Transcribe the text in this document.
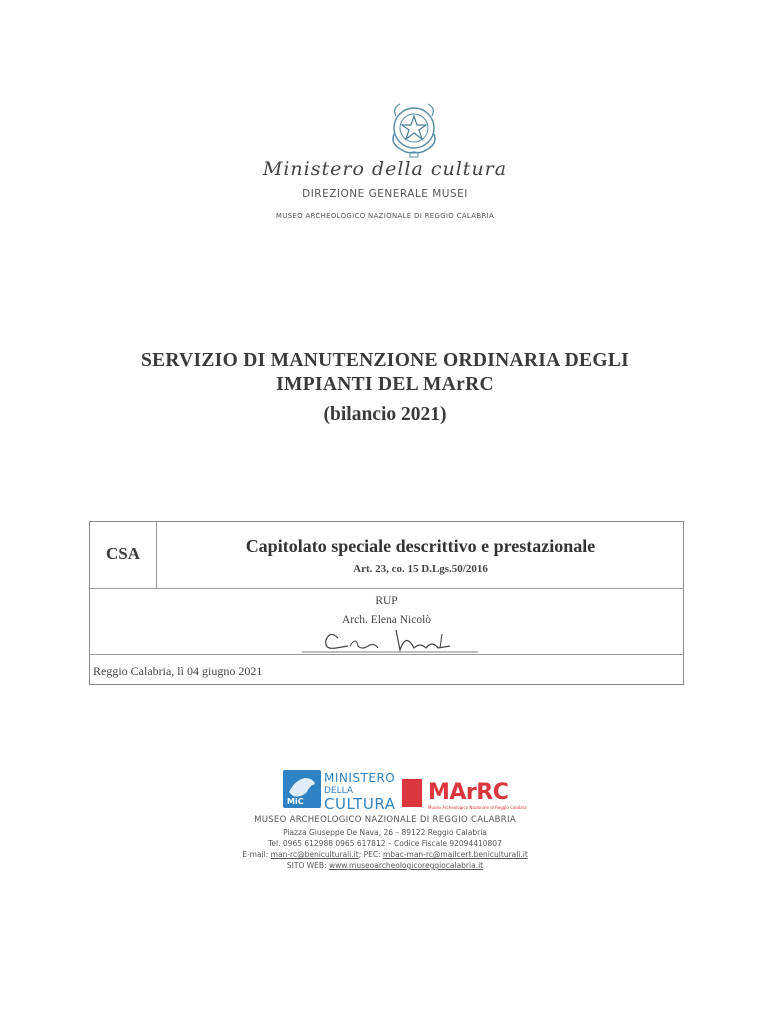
Ministero della cultura
DIREZIONE GENERALE MUSEI
MUSEO ARCHEOLOGICO NAZIONALE DI REGGIO CALABRIA
SERVIZIO DI MANUTENZIONE ORDINARIA DEGLI
IMPIANTI DEL MArRC
(bilancio 2021)
CSA	Capitolato speciale descrittivo e prestazionale
Art. 23, co. 15 D.Lgs.50/2016
RUP
Arch. Elena Nicolò
Reggio Calabria, lì 04 giugno 2021
MiC
MINISTERO
DELLA
CULTURA MArRC
Museo Archeologico Nazionale di Reggio Calabria
MUSEO ARCHEOLOGICO NAZIONALE DI REGGIO CALABRIA
Piazza Giuseppe De Nava, 26 – 89122 Reggio Calabria
Tel. 0965 612988 0965 617812 – Codice Fiscale 92094410807
E-mail: man-rc@beniculturali.it; PEC: mbac-man-rc@mailcert.beniculturali.it
SITO WEB: www.museoarcheologicoreggiocalabria.it
